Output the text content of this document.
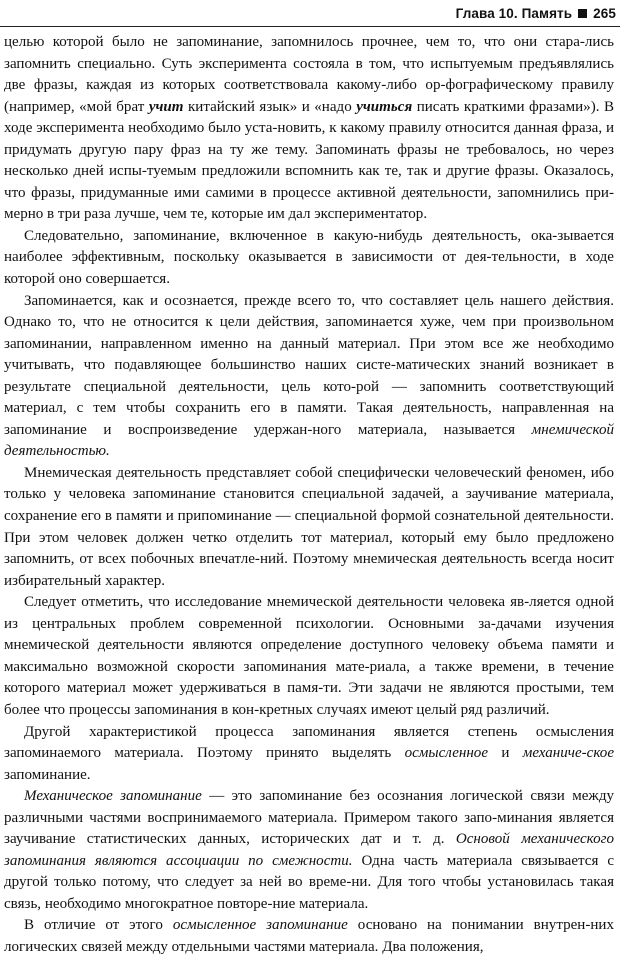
Глава 10. Память 265

целью которой было не запоминание, запомнилось прочнее, чем то, что они стара-лись запомнить специально. Суть эксперимента состояла в том, что испытуемым предъявлялись две фразы, каждая из которых соответствовала какому-либо ор-фографическому правилу (например, «мой брат учит китайский язык» и «надо учиться писать краткими фразами»). В ходе эксперимента необходимо было уста-новить, к какому правилу относится данная фраза, и придумать другую пару фраз на ту же тему. Запоминать фразы не требовалось, но через несколько дней испы-туемым предложили вспомнить как те, так и другие фразы. Оказалось, что фразы, придуманные ими самими в процессе активной деятельности, запомнились при-мерно в три раза лучше, чем те, которые им дал экспериментатор.

Следовательно, запоминание, включенное в какую-нибудь деятельность, ока-зывается наиболее эффективным, поскольку оказывается в зависимости от дея-тельности, в ходе которой оно совершается.

Запоминается, как и осознается, прежде всего то, что составляет цель нашего действия. Однако то, что не относится к цели действия, запоминается хуже, чем при произвольном запоминании, направленном именно на данный материал. При этом все же необходимо учитывать, что подавляющее большинство наших систе-матических знаний возникает в результате специальной деятельности, цель кото-рой — запомнить соответствующий материал, с тем чтобы сохранить его в памяти. Такая деятельность, направленная на запоминание и воспроизведение удержан-ного материала, называется мнемической деятельностью.

Мнемическая деятельность представляет собой специфически человеческий феномен, ибо только у человека запоминание становится специальной задачей, а заучивание материала, сохранение его в памяти и припоминание — специальной формой сознательной деятельности. При этом человек должен четко отделить тот материал, который ему было предложено запомнить, от всех побочных впечатле-ний. Поэтому мнемическая деятельность всегда носит избирательный характер.

Следует отметить, что исследование мнемической деятельности человека яв-ляется одной из центральных проблем современной психологии. Основными за-дачами изучения мнемической деятельности являются определение доступного человеку объема памяти и максимально возможной скорости запоминания мате-риала, а также времени, в течение которого материал может удерживаться в памя-ти. Эти задачи не являются простыми, тем более что процессы запоминания в кон-кретных случаях имеют целый ряд различий.

Другой характеристикой процесса запоминания является степень осмысления запоминаемого материала. Поэтому принято выделять осмысленное и механиче-ское запоминание.

Механическое запоминание — это запоминание без осознания логической связи между различными частями воспринимаемого материала. Примером такого запо-минания является заучивание статистических данных, исторических дат и т. д. Основой механического запоминания являются ассоциации по смежности. Одна часть материала связывается с другой только потому, что следует за ней во време-ни. Для того чтобы установилась такая связь, необходимо многократное повторе-ние материала.

В отличие от этого осмысленное запоминание основано на понимании внутрен-них логических связей между отдельными частями материала. Два положения,
